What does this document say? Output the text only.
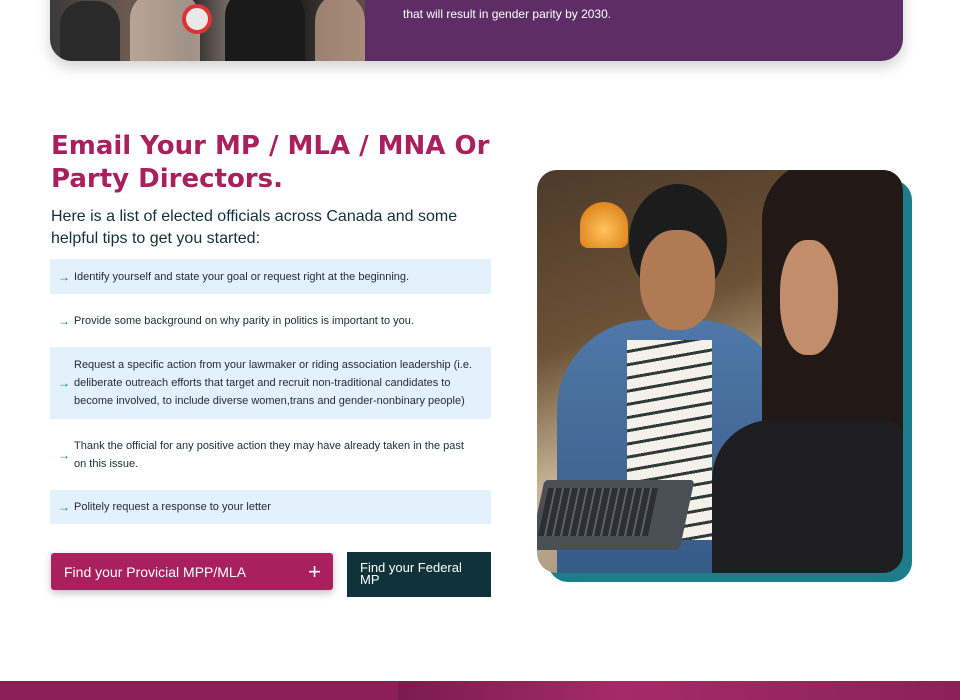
that will result in gender parity by 2030.
Email Your MP / MLA / MNA Or Party Directors.

Here is a list of elected officials across Canada and some helpful tips to get you started:

→ Identify yourself and state your goal or request right at the beginning.
→ Provide some background on why parity in politics is important to you.
→
Request a specific action from your lawmaker or riding association leadership (i.e. deliberate outreach efforts that target and recruit non-traditional candidates to become involved, to include diverse women,trans and gender-nonbinary people)
→
Thank the official for any positive action they may have already taken in the past on this issue.
→ Politely request a response to your letter
Find your Provicial MPP/MLA	+	Find your Federal MP
